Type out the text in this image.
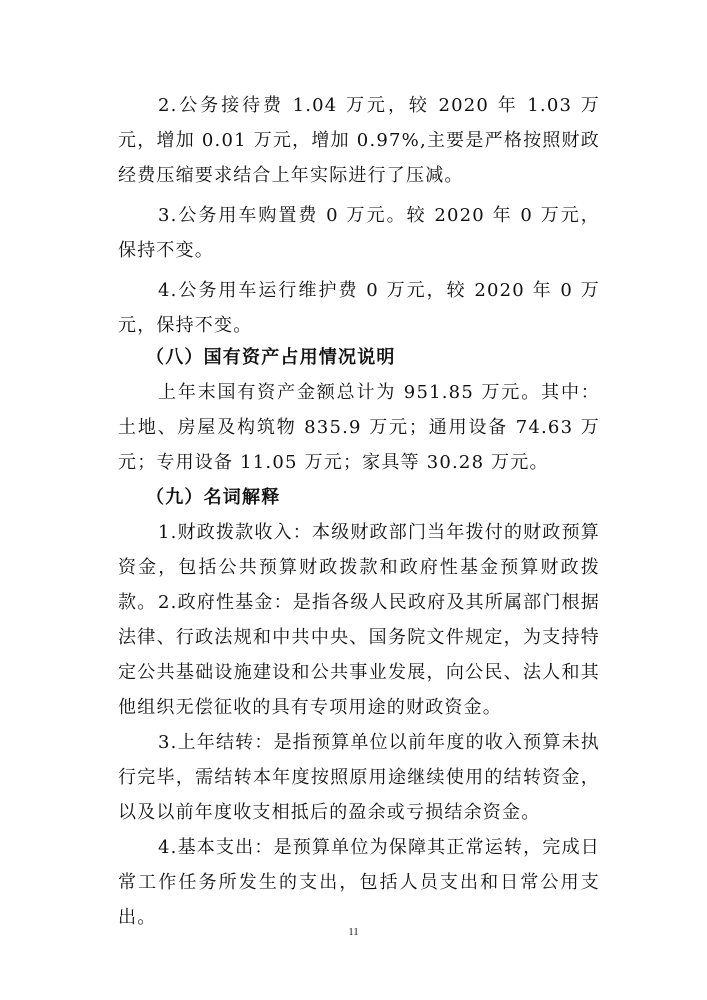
2.公务接待费 1.04 万元，较 2020 年 1.03 万元，增加 0.01 万元，增加 0.97%,主要是严格按照财政经费压缩要求结合上年实际进行了压减。

3.公务用车购置费 0 万元。较 2020 年 0 万元，保持不变。

4.公务用车运行维护费 0 万元，较 2020 年 0 万元，保持不变。

（八）国有资产占用情况说明

上年末国有资产金额总计为 951.85 万元。其中：土地、房屋及构筑物 835.9 万元；通用设备 74.63 万元；专用设备 11.05 万元；家具等 30.28 万元。

（九）名词解释

1.财政拨款收入：本级财政部门当年拨付的财政预算资金，包括公共预算财政拨款和政府性基金预算财政拨款。 2.政府性基金：是指各级人民政府及其所属部门根据法律、行政法规和中共中央、国务院文件规定，为支持特定公共基础设施建设和公共事业发展，向公民、法人和其他组织无偿征收的具有专项用途的财政资金。

3.上年结转：是指预算单位以前年度的收入预算未执行完毕，需结转本年度按照原用途继续使用的结转资金，以及以前年度收支相抵后的盈余或亏损结余资金。

4.基本支出：是预算单位为保障其正常运转，完成日常工作任务所发生的支出，包括人员支出和日常公用支出。

11
